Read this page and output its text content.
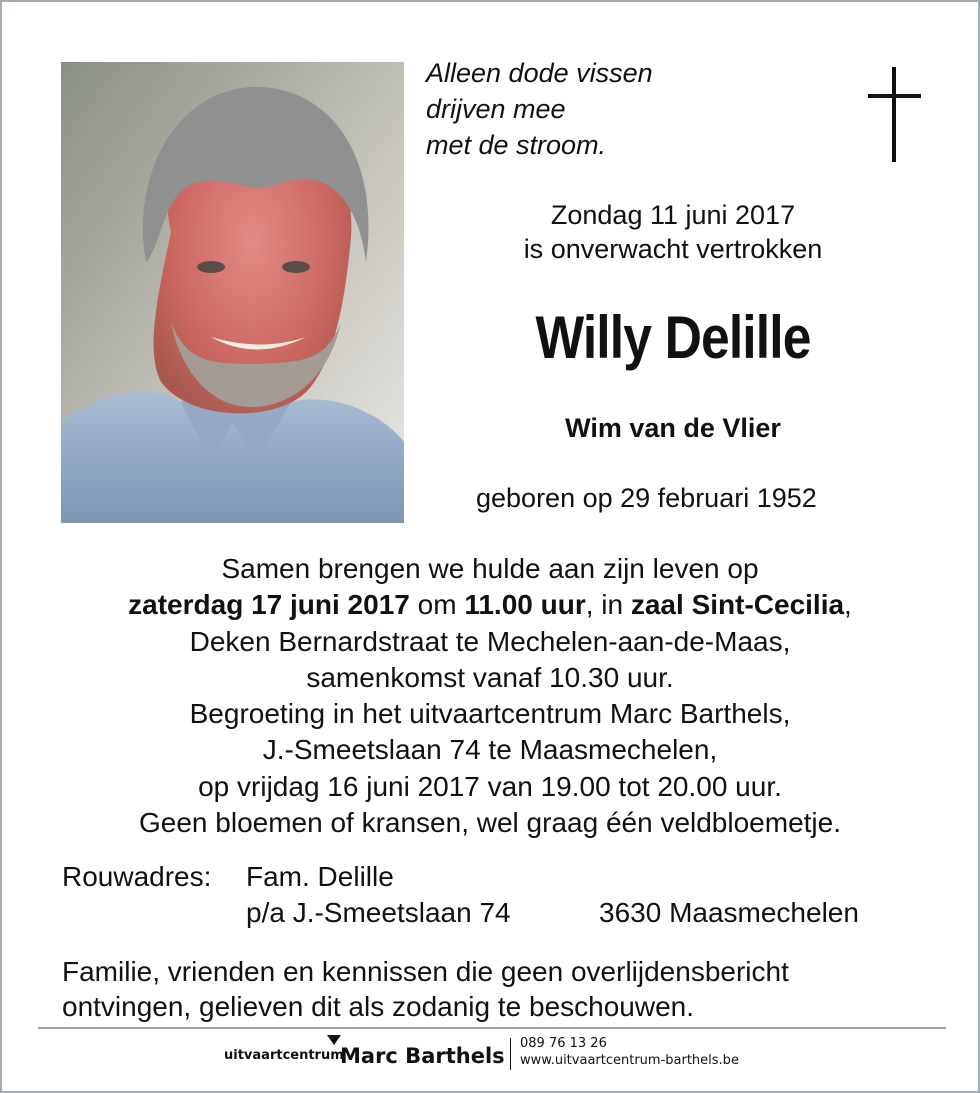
Alleen dode vissen
drijven mee
met de stroom.
Zondag 11 juni 2017
is onverwacht vertrokken
Willy Delille
Wim van de Vlier
geboren op 29 februari 1952
Samen brengen we hulde aan zijn leven op
zaterdag 17 juni 2017 om 11.00 uur, in zaal Sint-Cecilia,
Deken Bernardstraat te Mechelen-aan-de-Maas,
samenkomst vanaf 10.30 uur.
Begroeting in het uitvaartcentrum Marc Barthels,
J.-Smeetslaan 74 te Maasmechelen,
op vrijdag 16 juni 2017 van 19.00 tot 20.00 uur.
Geen bloemen of kransen, wel graag één veldbloemetje.
Rouwadres: Fam. Delille
p/a J.-Smeetslaan 74	3630 Maasmechelen
Familie, vrienden en kennissen die geen overlijdensbericht
ontvingen, gelieven dit als zodanig te beschouwen.
uitvaartcentrum
Marc Barthels
089 76 13 26
www.uitvaartcentrum-barthels.be
